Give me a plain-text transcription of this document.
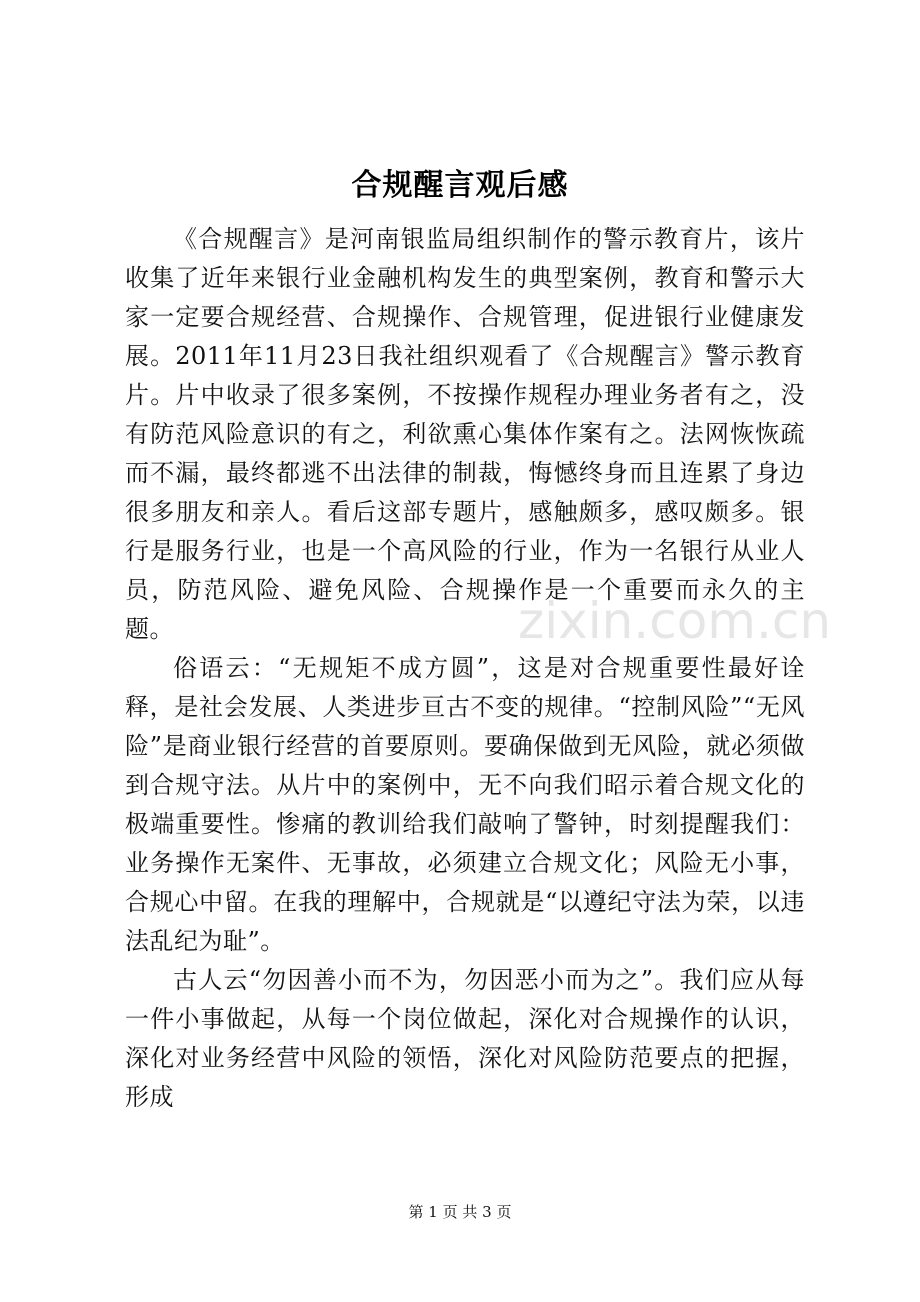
合规醒言观后感

《合规醒言》是河南银监局组织制作的警示教育片，该片收集了近年来银行业金融机构发生的典型案例，教育和警示大家一定要合规经营、合规操作、合规管理，促进银行业健康发展。2011年11月23日我社组织观看了《合规醒言》警示教育片。片中收录了很多案例，不按操作规程办理业务者有之，没有防范风险意识的有之，利欲熏心集体作案有之。法网恢恢疏而不漏，最终都逃不出法律的制裁，悔憾终身而且连累了身边很多朋友和亲人。看后这部专题片，感触颇多，感叹颇多。银行是服务行业，也是一个高风险的行业，作为一名银行从业人员，防范风险、避免风险、合规操作是一个重要而永久的主题。

俗语云：“无规矩不成方圆”，这是对合规重要性最好诠释，是社会发展、人类进步亘古不变的规律。“控制风险”“无风险”是商业银行经营的首要原则。要确保做到无风险，就必须做到合规守法。从片中的案例中，无不向我们昭示着合规文化的极端重要性。惨痛的教训给我们敲响了警钟，时刻提醒我们：业务操作无案件、无事故，必须建立合规文化；风险无小事，合规心中留。在我的理解中，合规就是“以遵纪守法为荣，以违法乱纪为耻”。

古人云“勿因善小而不为，勿因恶小而为之”。我们应从每一件小事做起，从每一个岗位做起，深化对合规操作的认识，深化对业务经营中风险的领悟，深化对风险防范要点的把握，形成

zixin.com.cn
第 1 页 共 3 页
